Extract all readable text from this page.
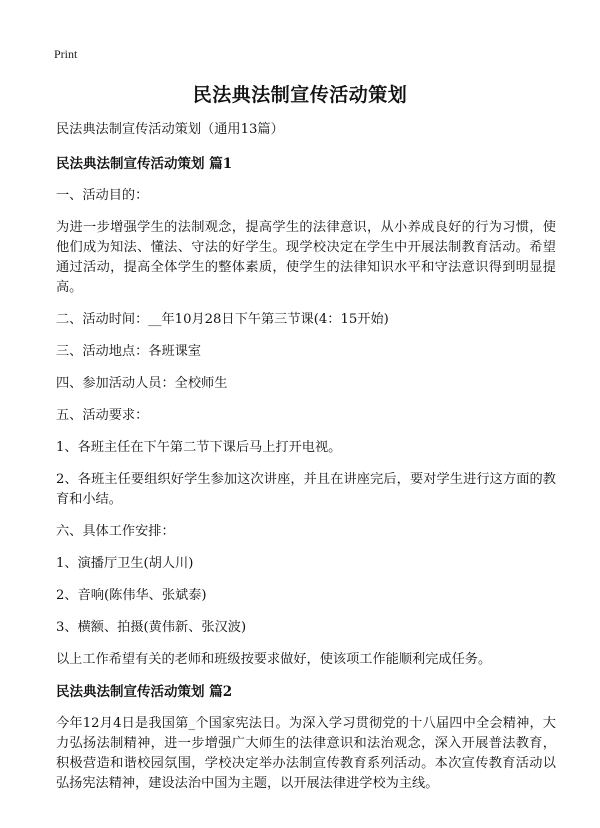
Print
民法典法制宣传活动策划

民法典法制宣传活动策划（通用13篇）

民法典法制宣传活动策划 篇1

一、活动目的：

为进一步增强学生的法制观念，提高学生的法律意识，从小养成良好的行为习惯，使他们成为知法、懂法、守法的好学生。现学校决定在学生中开展法制教育活动。希望通过活动，提高全体学生的整体素质，使学生的法律知识水平和守法意识得到明显提高。

二、活动时间：__年10月28日下午第三节课(4：15开始)

三、活动地点：各班课室

四、参加活动人员：全校师生

五、活动要求：

1、各班主任在下午第二节下课后马上打开电视。

2、各班主任要组织好学生参加这次讲座，并且在讲座完后，要对学生进行这方面的教育和小结。

六、具体工作安排：

1、演播厅卫生(胡人川)

2、音响(陈伟华、张斌泰)

3、横额、拍摄(黄伟新、张汉波)

以上工作希望有关的老师和班级按要求做好，使该项工作能顺利完成任务。

民法典法制宣传活动策划 篇2

今年12月4日是我国第_个国家宪法日。为深入学习贯彻党的十八届四中全会精神，大力弘扬法制精神，进一步增强广大师生的法律意识和法治观念，深入开展普法教育，积极营造和谐校园氛围，学校决定举办法制宣传教育系列活动。本次宣传教育活动以弘扬宪法精神，建设法治中国为主题，以开展法律进学校为主线。
